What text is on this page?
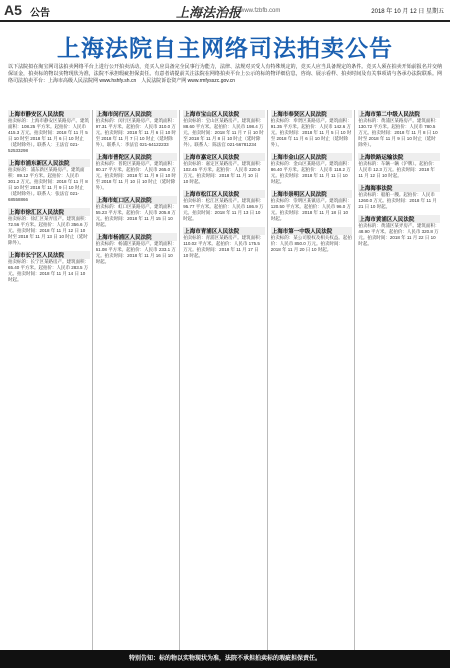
A5 公告	上海法治报
www.fzbfb.com	2018 年 10 月 12 日 星期五
上海法院自主网络司法拍卖公告
以下法院拟在淘宝网司法拍卖网络平台上进行公开拍卖活动，竞买人应具备完全民事行为能力，法律、法规对买受人有特殊规定的，竞买人应当具备规定的条件。竞买人须在拍卖开始前报名并交纳保证金，拍卖标的物以实物现状为准，法院不承担瑕疵担保责任。有意者请提前关注法院在网络拍卖平台上公示的标的物详细信息，咨询、展示看样、拍卖时间及有关事项请与各承办法院联系。网络司法拍卖平台：上海市高级人民法院网 www.hshfy.sh.cn　人民法院诉讼资产网 www.rmfysszc.gov.cn
上海市静安区人民法院
拍卖标的：上海市静安区某路房产。建筑面积：108.25 平方米。起拍价：人民币 415.3 万元。拍卖时间：2018 年 11 月 5 日 10 时至 2018 年 11 月 6 日 10 时止（延时除外）。联系人：王法官 021-52533298
上海市浦东新区人民法院
拍卖标的：浦东新区某路房产。建筑面积：89.12 平方米。起拍价：人民币 301.2 万元。拍卖时间：2018 年 11 月 8 日 10 时至 2018 年 11 月 9 日 10 时止（延时除外）。联系人：张法官 021-68558866
上海市徐汇区人民法院
拍卖标的：徐汇区某弄房产。建筑面积：72.56 平方米。起拍价：人民币 356.6 万元。拍卖时间：2018 年 11 月 12 日 10 时至 2018 年 11 月 13 日 10 时止（延时除外）。
上海市长宁区人民法院
拍卖标的：长宁区某路房产。建筑面积：65.40 平方米。起拍价：人民币 283.5 万元。拍卖时间：2018 年 11 月 14 日 10 时起。
上海市闵行区人民法院
拍卖标的：闵行区某路房产。建筑面积：97.31 平方米。起拍价：人民币 310.0 万元。拍卖时间：2018 年 11 月 6 日 10 时至 2018 年 11 月 7 日 10 时止（延时除外）。联系人：李法官 021-64122233
上海市普陀区人民法院
拍卖标的：普陀区某路房产。建筑面积：80.17 平方米。起拍价：人民币 265.0 万元。拍卖时间：2018 年 11 月 9 日 10 时至 2018 年 11 月 10 日 10 时止（延时除外）。
上海市虹口区人民法院
拍卖标的：虹口区某路房产。建筑面积：55.23 平方米。起拍价：人民币 205.8 万元。拍卖时间：2018 年 11 月 15 日 10 时起。
上海市杨浦区人民法院
拍卖标的：杨浦区某路房产。建筑面积：61.08 平方米。起拍价：人民币 233.1 万元。拍卖时间：2018 年 11 月 16 日 10 时起。
上海市宝山区人民法院
拍卖标的：宝山区某路房产。建筑面积：88.60 平方米。起拍价：人民币 198.4 万元。拍卖时间：2018 年 11 月 7 日 10 时至 2018 年 11 月 8 日 10 时止（延时除外）。联系人：陈法官 021-56781234
上海市嘉定区人民法院
拍卖标的：嘉定区某路房产。建筑面积：102.45 平方米。起拍价：人民币 220.0 万元。拍卖时间：2018 年 11 月 10 日 10 时起。
上海市松江区人民法院
拍卖标的：松江区某路房产。建筑面积：95.77 平方米。起拍价：人民币 186.9 万元。拍卖时间：2018 年 11 月 13 日 10 时起。
上海市青浦区人民法院
拍卖标的：青浦区某路房产。建筑面积：110.02 平方米。起拍价：人民币 175.5 万元。拍卖时间：2018 年 11 月 17 日 10 时起。
上海市奉贤区人民法院
拍卖标的：奉贤区某路房产。建筑面积：91.35 平方米。起拍价：人民币 142.6 万元。拍卖时间：2018 年 11 月 5 日 10 时至 2018 年 11 月 6 日 10 时止（延时除外）。
上海市金山区人民法院
拍卖标的：金山区某路房产。建筑面积：86.40 平方米。起拍价：人民币 118.2 万元。拍卖时间：2018 年 11 月 11 日 10 时起。
上海市崇明区人民法院
拍卖标的：崇明区某镇房产。建筑面积：120.50 平方米。起拍价：人民币 96.0 万元。拍卖时间：2018 年 11 月 18 日 10 时起。
上海市第一中级人民法院
拍卖标的：某公司股权及相关权益。起拍价：人民币 850.0 万元。拍卖时间：2018 年 11 月 20 日 10 时起。
上海市第二中级人民法院
拍卖标的：黄浦区某路房产。建筑面积：130.72 平方米。起拍价：人民币 780.5 万元。拍卖时间：2018 年 11 月 8 日 10 时至 2018 年 11 月 9 日 10 时止（延时除外）。
上海铁路运输法院
拍卖标的：车辆一辆（沪牌）。起拍价：人民币 12.3 万元。拍卖时间：2018 年 11 月 12 日 10 时起。
上海海事法院
拍卖标的：船舶一艘。起拍价：人民币 1260.0 万元。拍卖时间：2018 年 11 月 21 日 10 时起。
上海市黄浦区人民法院
拍卖标的：黄浦区某弄房产。建筑面积：48.90 平方米。起拍价：人民币 320.8 万元。拍卖时间：2018 年 11 月 22 日 10 时起。
特别告知：标的物以实物现状为准，法院不承担拍卖标的瑕疵担保责任。
